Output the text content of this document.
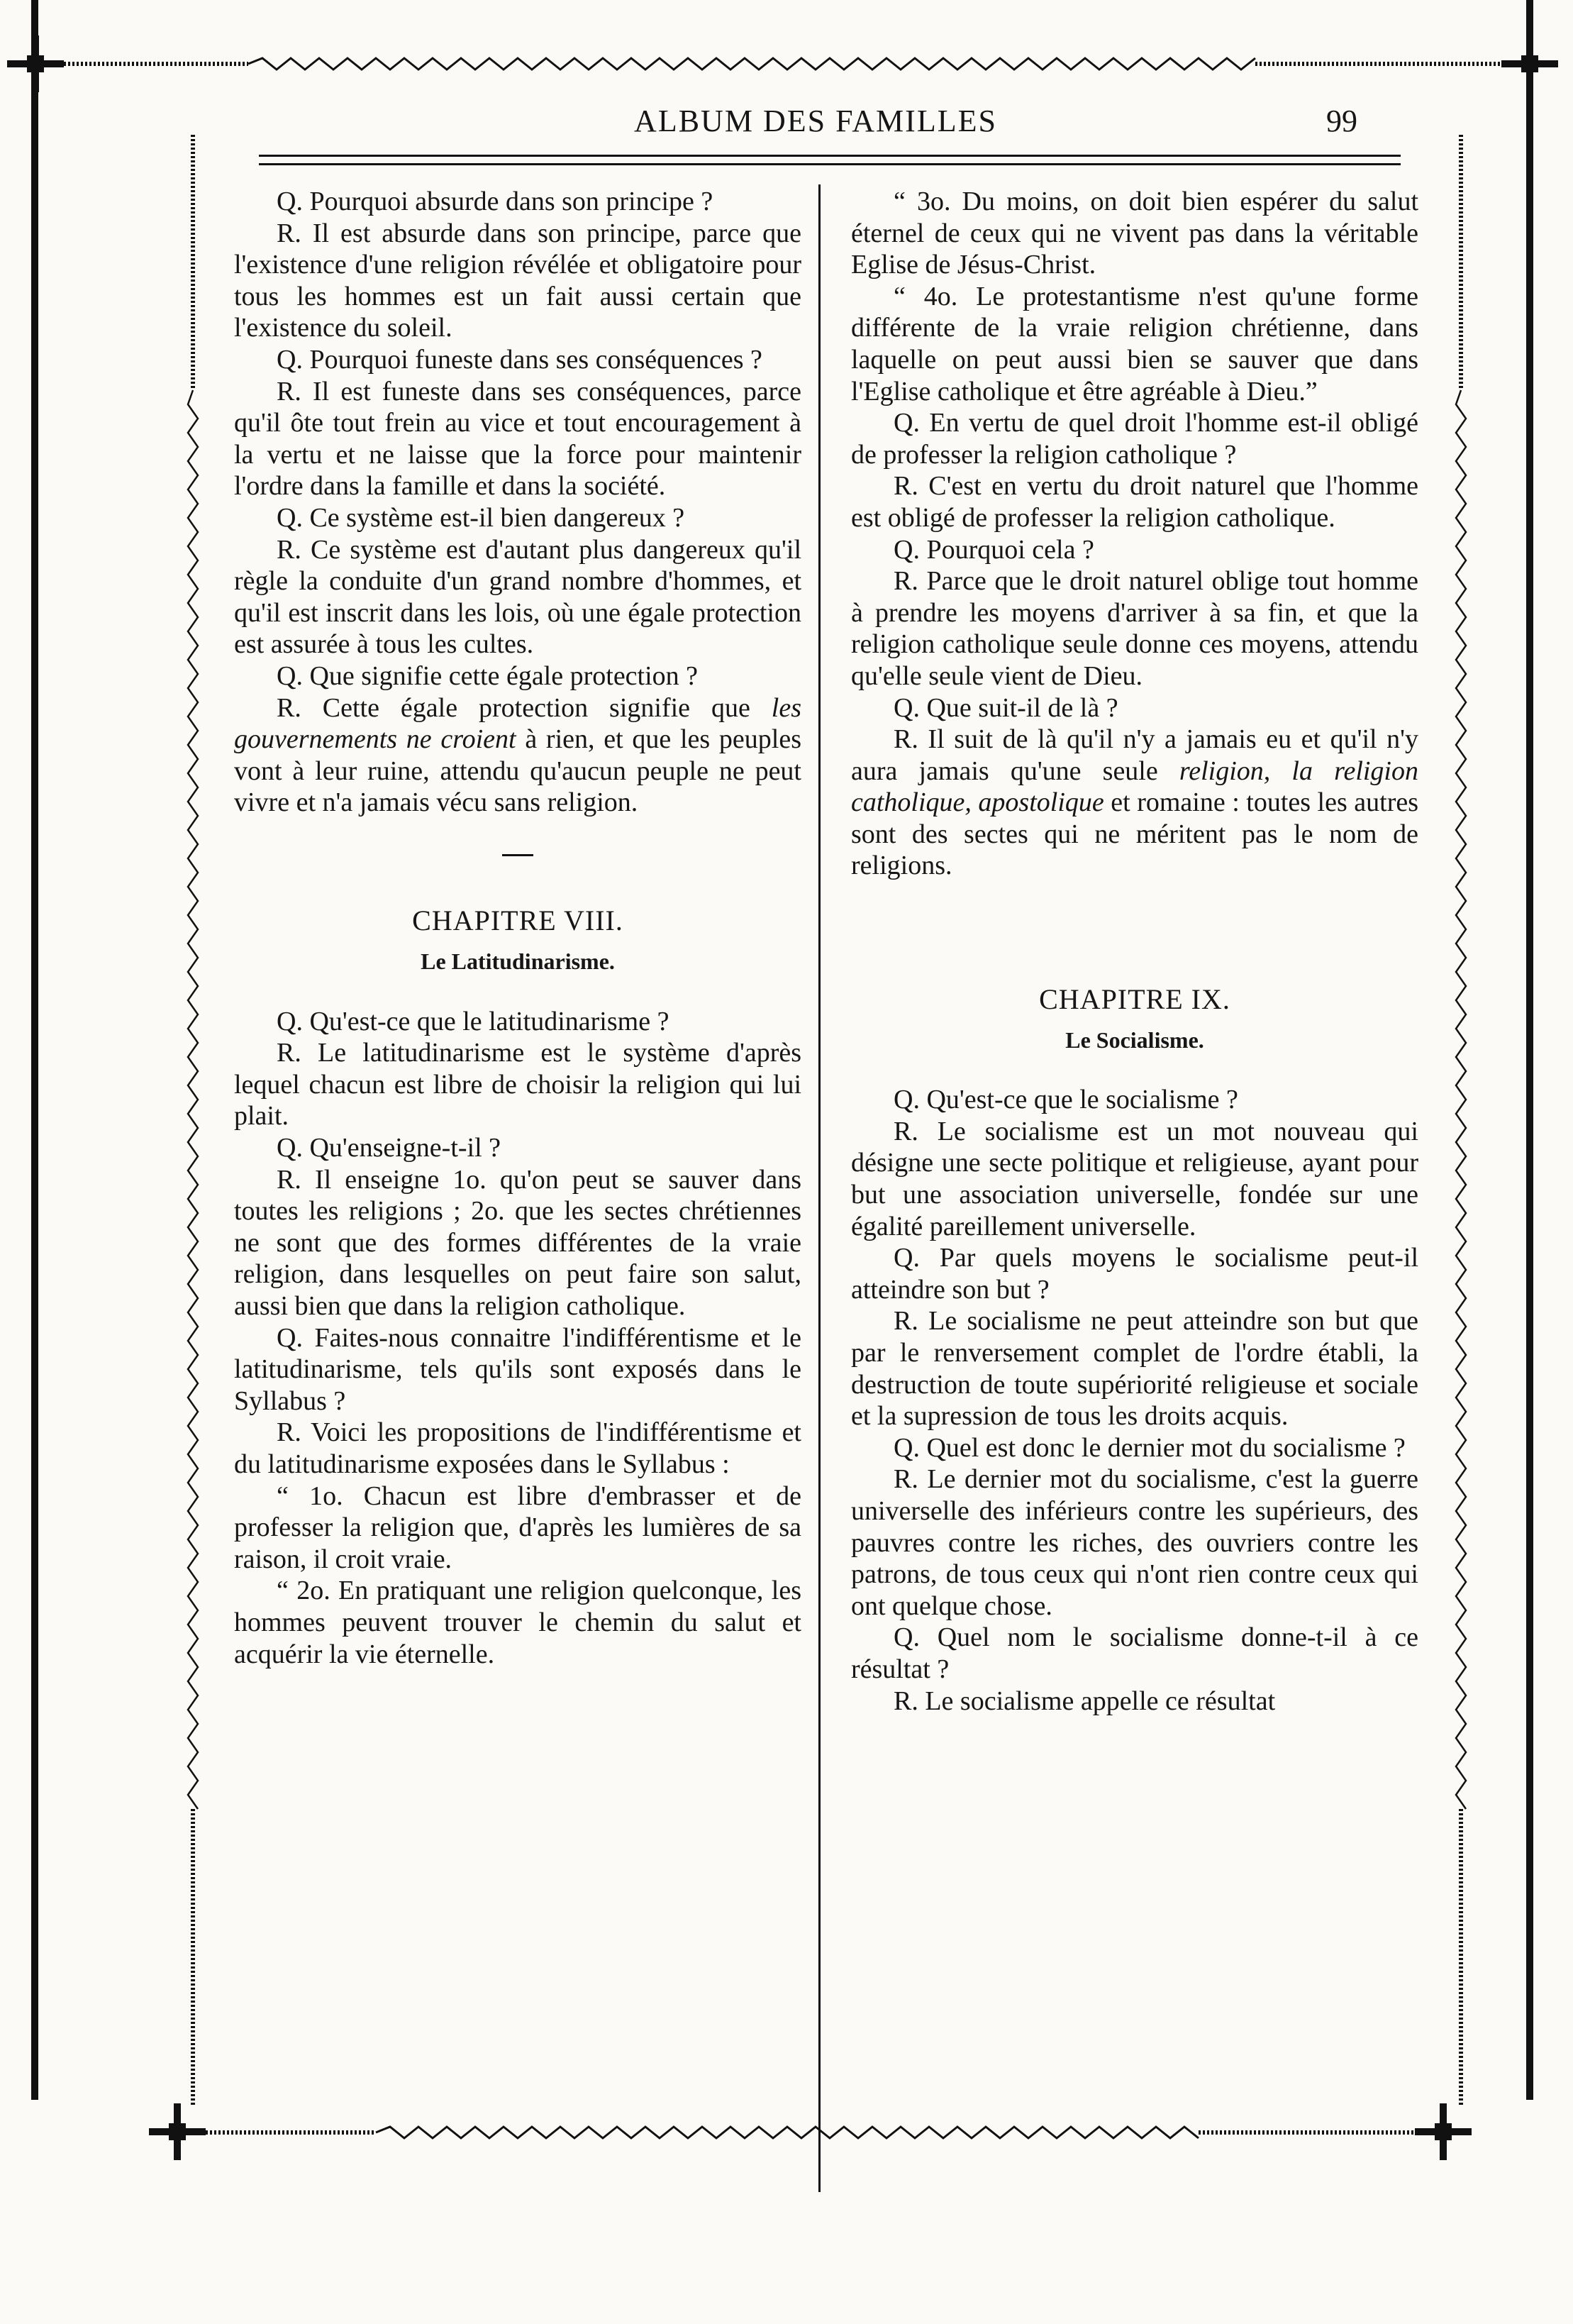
ALBUM DES FAMILLES	99

Q. Pourquoi absurde dans son principe ?

R. Il est absurde dans son principe, parce que l'existence d'une religion révélée et obligatoire pour tous les hommes est un fait aussi certain que l'existence du soleil.

Q. Pourquoi funeste dans ses conséquences ?

R. Il est funeste dans ses conséquences, parce qu'il ôte tout frein au vice et tout encouragement à la vertu et ne laisse que la force pour maintenir l'ordre dans la famille et dans la société.

Q. Ce système est-il bien dangereux ?

R. Ce système est d'autant plus dangereux qu'il règle la conduite d'un grand nombre d'hommes, et qu'il est inscrit dans les lois, où une égale protection est assurée à tous les cultes.

Q. Que signifie cette égale protection ?

R. Cette égale protection signifie que les gouvernements ne croient à rien, et que les peuples vont à leur ruine, attendu qu'aucun peuple ne peut vivre et n'a jamais vécu sans religion.

CHAPITRE VIII.

Le Latitudinarisme.

Q. Qu'est-ce que le latitudinarisme ?

R. Le latitudinarisme est le système d'après lequel chacun est libre de choisir la religion qui lui plait.

Q. Qu'enseigne-t-il ?

R. Il enseigne 1o. qu'on peut se sauver dans toutes les religions ; 2o. que les sectes chrétiennes ne sont que des formes différentes de la vraie religion, dans lesquelles on peut faire son salut, aussi bien que dans la religion catholique.

Q. Faites-nous connaitre l'indifférentisme et le latitudinarisme, tels qu'ils sont exposés dans le Syllabus ?

R. Voici les propositions de l'indifférentisme et du latitudinarisme exposées dans le Syllabus :

“ 1o. Chacun est libre d'embrasser et de professer la religion que, d'après les lumières de sa raison, il croit vraie.

“ 2o. En pratiquant une religion quelconque, les hommes peuvent trouver le chemin du salut et acquérir la vie éternelle.

“ 3o. Du moins, on doit bien espérer du salut éternel de ceux qui ne vivent pas dans la véritable Eglise de Jésus-Christ.

“ 4o. Le protestantisme n'est qu'une forme différente de la vraie religion chrétienne, dans laquelle on peut aussi bien se sauver que dans l'Eglise catholique et être agréable à Dieu.”

Q. En vertu de quel droit l'homme est-il obligé de professer la religion catholique ?

R. C'est en vertu du droit naturel que l'homme est obligé de professer la religion catholique.

Q. Pourquoi cela ?

R. Parce que le droit naturel oblige tout homme à prendre les moyens d'arriver à sa fin, et que la religion catholique seule donne ces moyens, attendu qu'elle seule vient de Dieu.

Q. Que suit-il de là ?

R. Il suit de là qu'il n'y a jamais eu et qu'il n'y aura jamais qu'une seule religion, la religion catholique, apostolique et romaine : toutes les autres sont des sectes qui ne méritent pas le nom de religions.

CHAPITRE IX.

Le Socialisme.

Q. Qu'est-ce que le socialisme ?

R. Le socialisme est un mot nouveau qui désigne une secte politique et religieuse, ayant pour but une association universelle, fondée sur une égalité pareillement universelle.

Q. Par quels moyens le socialisme peut-il atteindre son but ?

R. Le socialisme ne peut atteindre son but que par le renversement complet de l'ordre établi, la destruction de toute supériorité religieuse et sociale et la supression de tous les droits acquis.

Q. Quel est donc le dernier mot du socialisme ?

R. Le dernier mot du socialisme, c'est la guerre universelle des inférieurs contre les supérieurs, des pauvres contre les riches, des ouvriers contre les patrons, de tous ceux qui n'ont rien contre ceux qui ont quelque chose.

Q. Quel nom le socialisme donne-t-il à ce résultat ?

R. Le socialisme appelle ce résultat
